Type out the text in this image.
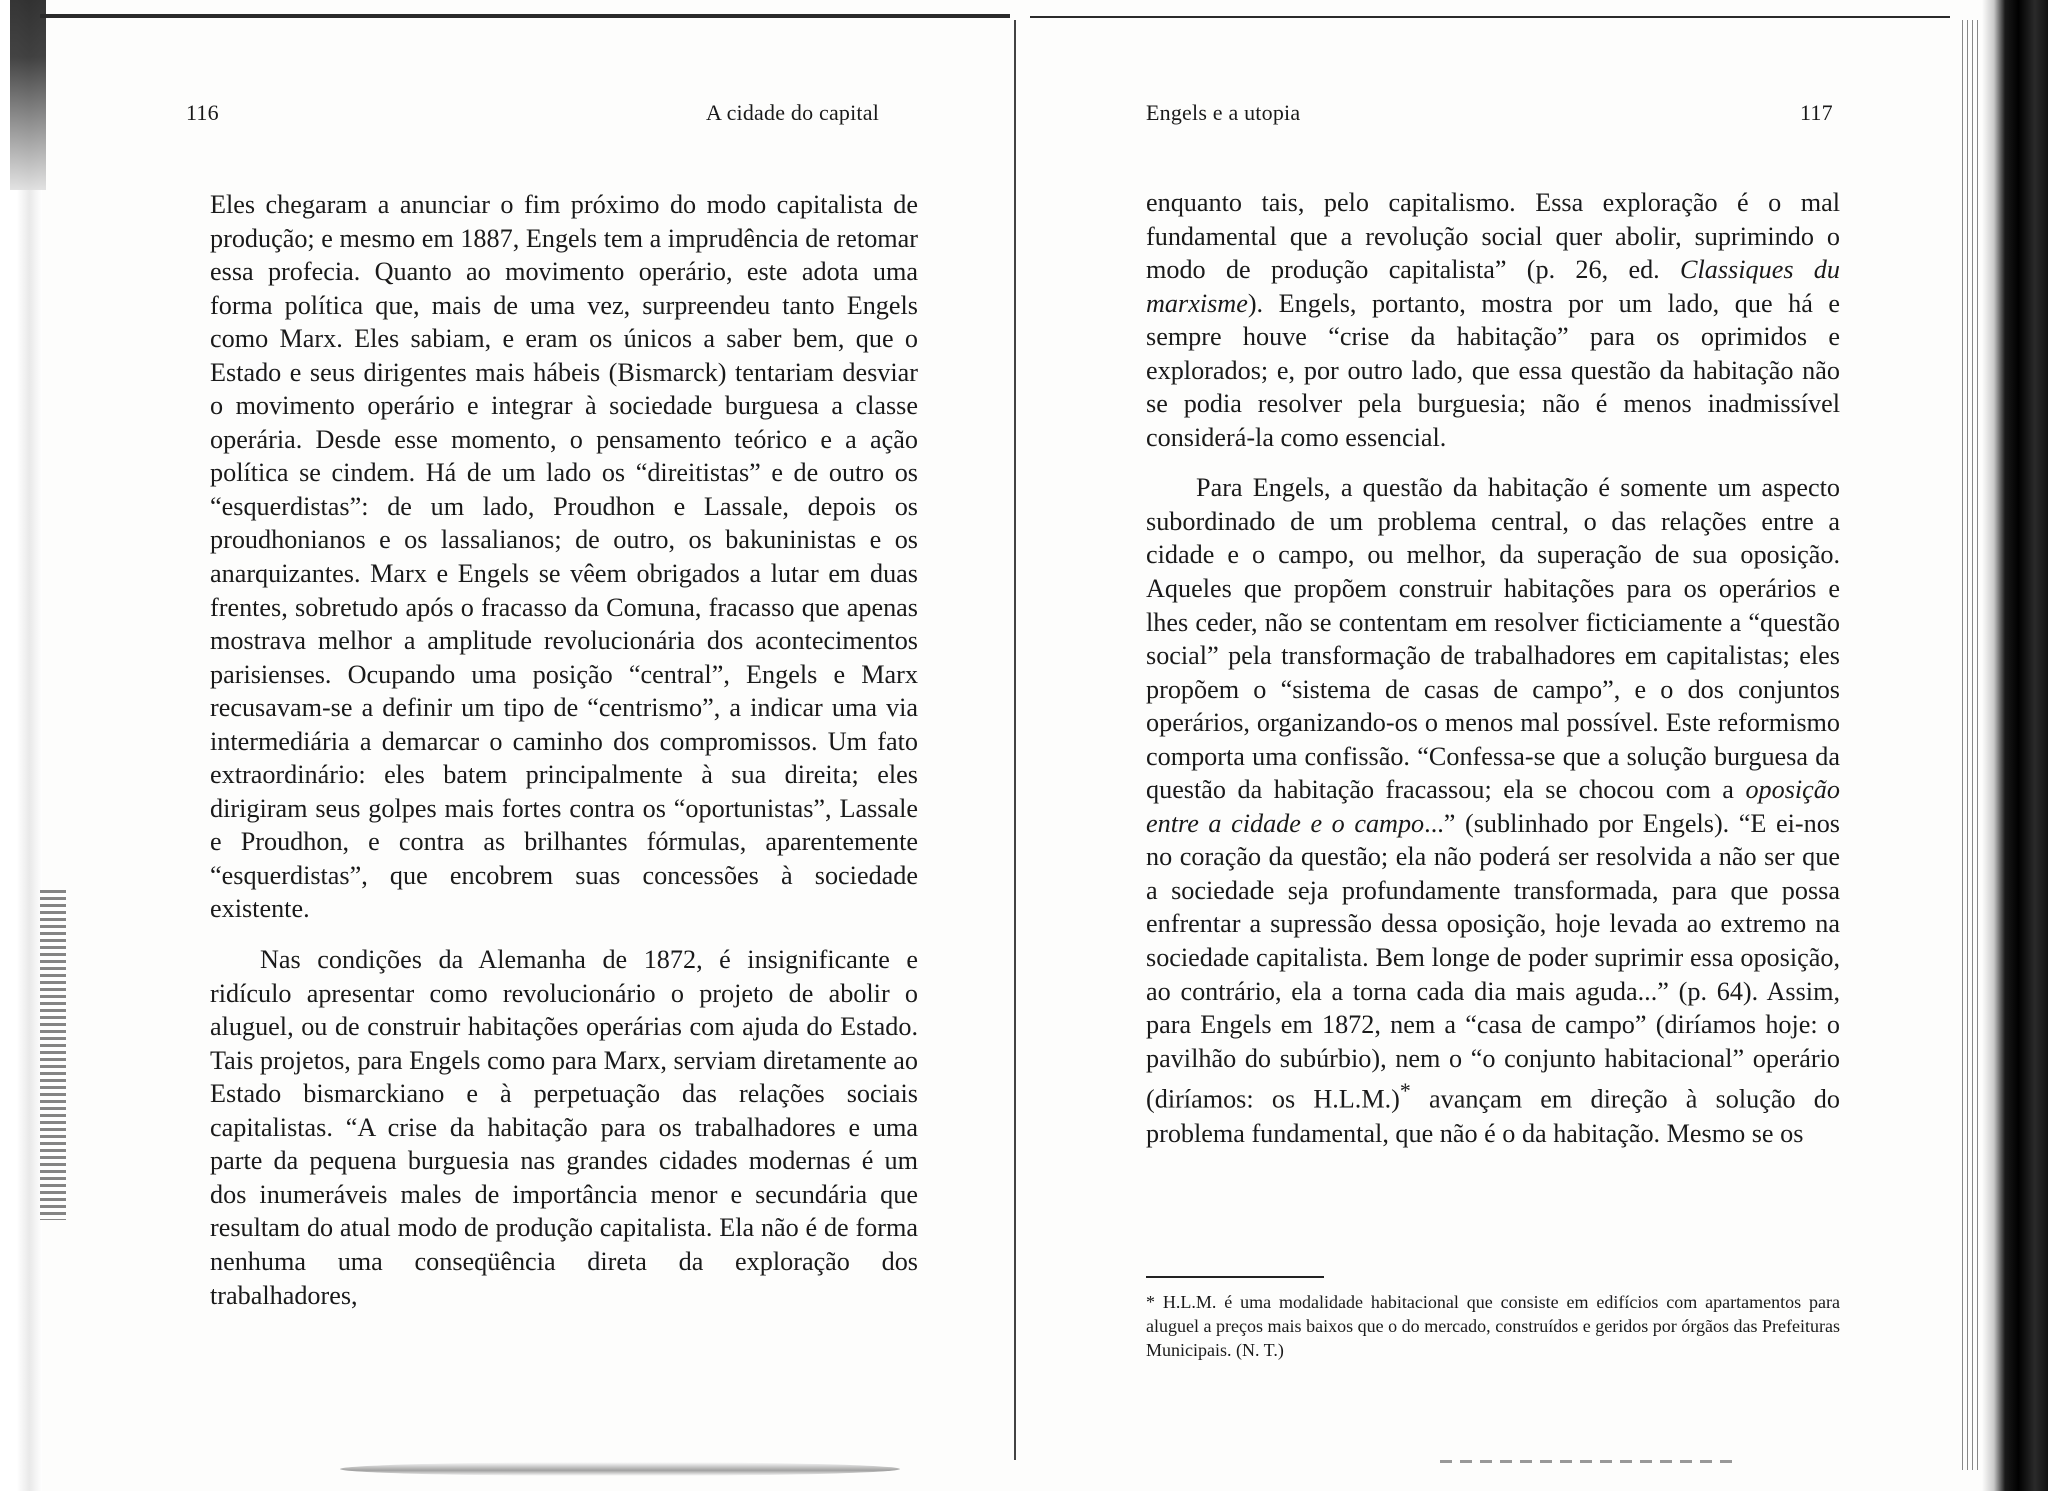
116	A cidade do capital

Eles chegaram a anunciar o fim próximo do modo capitalista de produção; e mesmo em 1887, Engels tem a imprudência de retomar essa profecia. Quanto ao movimento operário, este adota uma forma política que, mais de uma vez, surpreendeu tanto Engels como Marx. Eles sabiam, e eram os únicos a saber bem, que o Estado e seus dirigentes mais hábeis (Bismarck) tentariam desviar o movimento operário e integrar à sociedade burguesa a classe operária. Desde esse momento, o pensamento teórico e a ação política se cindem. Há de um lado os “direitistas” e de outro os “esquerdistas”: de um lado, Proudhon e Lassale, depois os proudhonianos e os lassalianos; de outro, os bakuninistas e os anarquizantes. Marx e Engels se vêem obrigados a lutar em duas frentes, sobretudo após o fracasso da Comuna, fracasso que apenas mostrava melhor a amplitude revolucionária dos acontecimentos parisienses. Ocupando uma posição “central”, Engels e Marx recusavam-se a definir um tipo de “centrismo”, a indicar uma via intermediária a demarcar o caminho dos compromissos. Um fato extraordinário: eles batem principalmente à sua direita; eles dirigiram seus golpes mais fortes contra os “oportunistas”, Lassale e Proudhon, e contra as brilhantes fórmulas, aparentemente “esquerdistas”, que encobrem suas concessões à sociedade existente.

Nas condições da Alemanha de 1872, é insignificante e ridículo apresentar como revolucionário o projeto de abolir o aluguel, ou de construir habitações operárias com ajuda do Estado. Tais projetos, para Engels como para Marx, serviam diretamente ao Estado bismarckiano e à perpetuação das relações sociais capitalistas. “A crise da habitação para os trabalhadores e uma parte da pequena burguesia nas grandes cidades modernas é um dos inumeráveis males de importância menor e secundária que resultam do atual modo de produção capitalista. Ela não é de forma nenhuma uma conseqüência direta da exploração dos trabalhadores,

Engels e a utopia	117

enquanto tais, pelo capitalismo. Essa exploração é o mal fundamental que a revolução social quer abolir, suprimindo o modo de produção capitalista” (p. 26, ed. Classiques du marxisme). Engels, portanto, mostra por um lado, que há e sempre houve “crise da habitação” para os oprimidos e explorados; e, por outro lado, que essa questão da habitação não se podia resolver pela burguesia; não é menos inadmissível considerá-la como essencial.

Para Engels, a questão da habitação é somente um aspecto subordinado de um problema central, o das relações entre a cidade e o campo, ou melhor, da superação de sua oposição. Aqueles que propõem construir habitações para os operários e lhes ceder, não se contentam em resolver ficticiamente a “questão social” pela transformação de trabalhadores em capitalistas; eles propõem o “sistema de casas de campo”, e o dos conjuntos operários, organizando-os o menos mal possível. Este reformismo comporta uma confissão. “Confessa-se que a solução burguesa da questão da habitação fracassou; ela se chocou com a oposição entre a cidade e o campo...” (sublinhado por Engels). “E ei-nos no coração da questão; ela não poderá ser resolvida a não ser que a sociedade seja profundamente transformada, para que possa enfrentar a supressão dessa oposição, hoje levada ao extremo na sociedade capitalista. Bem longe de poder suprimir essa oposição, ao contrário, ela a torna cada dia mais aguda...” (p. 64). Assim, para Engels em 1872, nem a “casa de campo” (diríamos hoje: o pavilhão do subúrbio), nem o “o conjunto habitacional” operário (diríamos: os H.L.M.)* avançam em direção à solução do problema fundamental, que não é o da habitação. Mesmo se os

* H.L.M. é uma modalidade habitacional que consiste em edifícios com apartamentos para aluguel a preços mais baixos que o do mercado, construídos e geridos por órgãos das Prefeituras Municipais. (N. T.)
